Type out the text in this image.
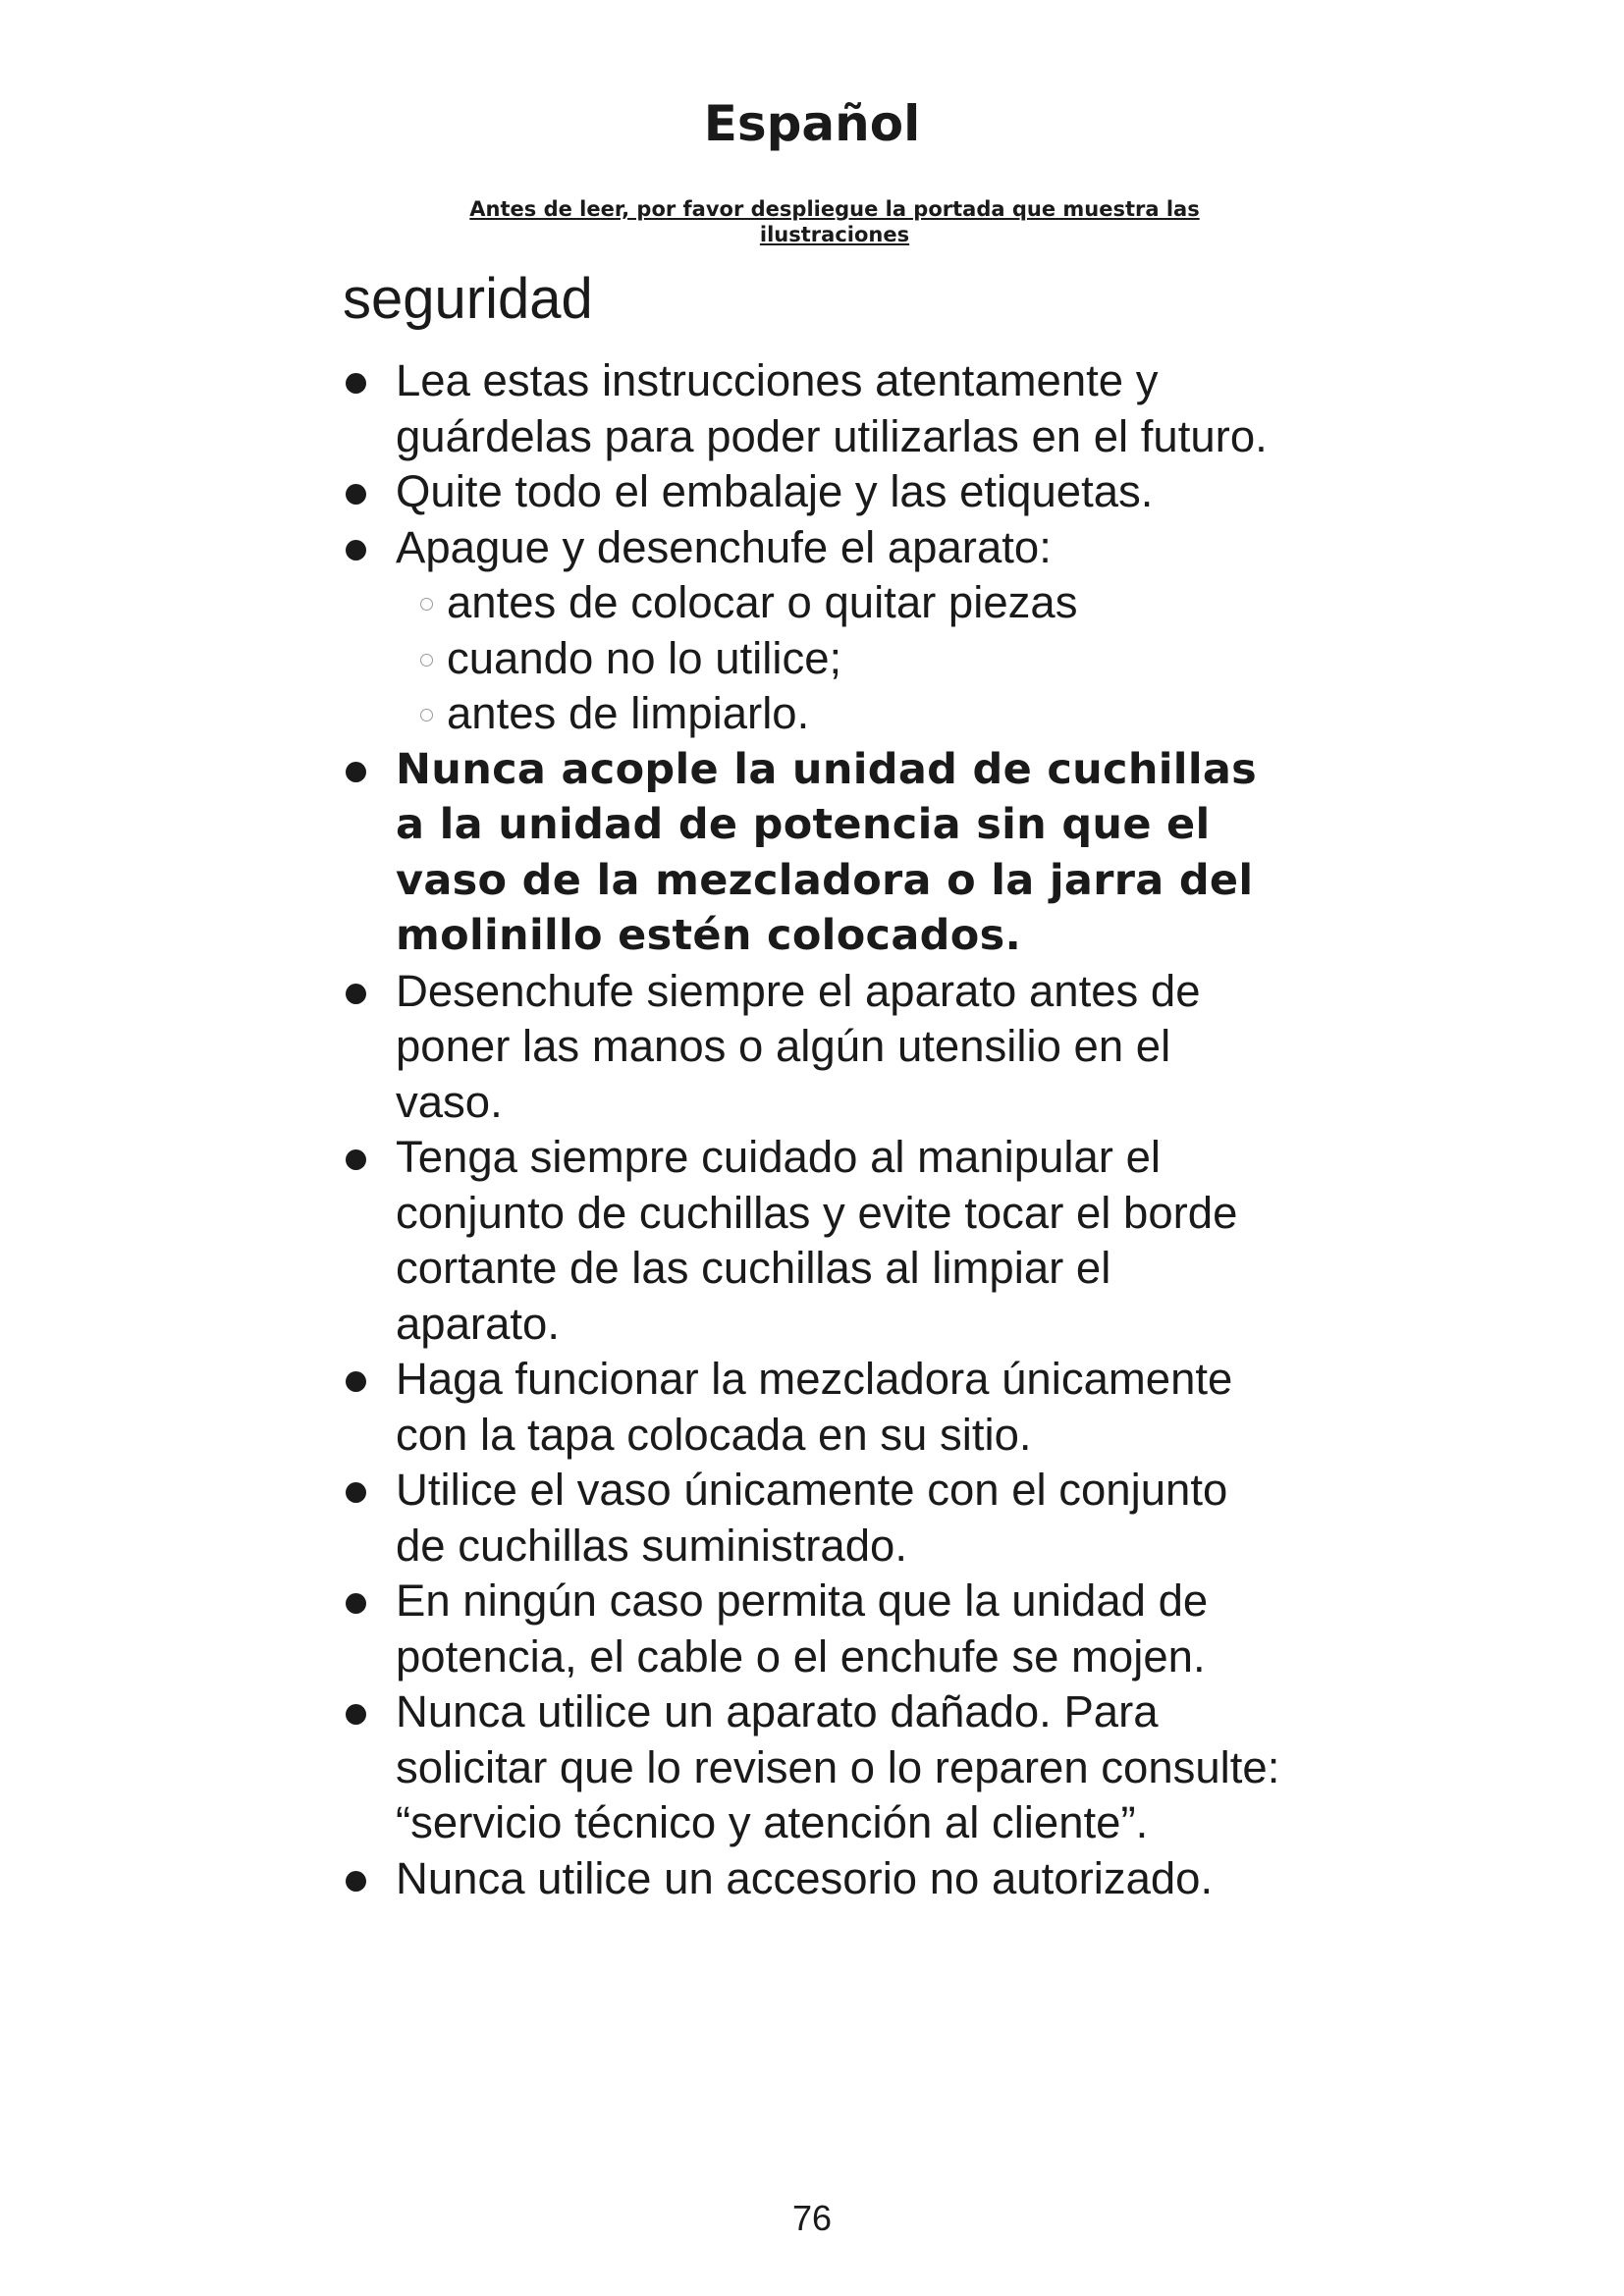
Español

Antes de leer, por favor despliegue la portada que muestra las ilustraciones

seguridad
Lea estas instrucciones atentamente y guárdelas para poder utilizarlas en el futuro.
Quite todo el embalaje y las etiquetas.
Apague y desenchufe el aparato:
antes de colocar o quitar piezas
cuando no lo utilice;
antes de limpiarlo.
Nunca acople la unidad de cuchillas a la unidad de potencia sin que el vaso de la mezcladora o la jarra del molinillo estén colocados.
Desenchufe siempre el aparato antes de poner las manos o algún utensilio en el vaso.
Tenga siempre cuidado al manipular el conjunto de cuchillas y evite tocar el borde cortante de las cuchillas al limpiar el aparato.
Haga funcionar la mezcladora únicamente con la tapa colocada en su sitio.
Utilice el vaso únicamente con el conjunto de cuchillas suministrado.
En ningún caso permita que la unidad de potencia, el cable o el enchufe se mojen.
Nunca utilice un aparato dañado. Para solicitar que lo revisen o lo reparen consulte: “servicio técnico y atención al cliente”.
Nunca utilice un accesorio no autorizado.
76
